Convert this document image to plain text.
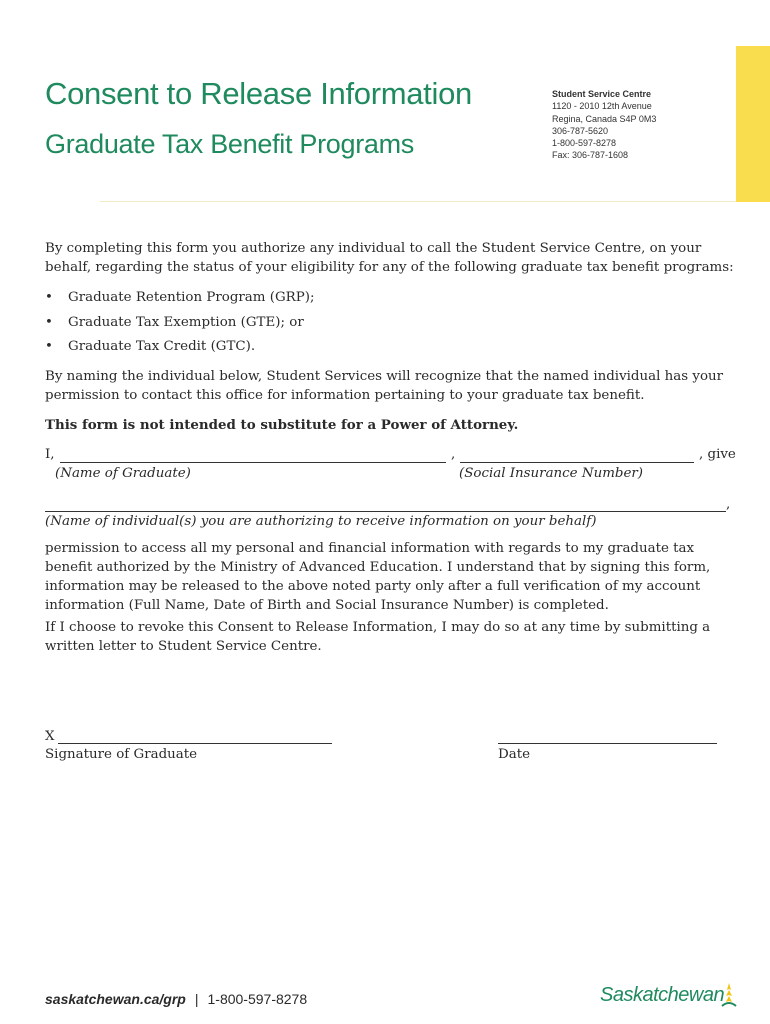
Consent to Release Information
Graduate Tax Benefit Programs
Student Service Centre
1120 - 2010 12th Avenue
Regina, Canada S4P 0M3
306-787-5620
1-800-597-8278
Fax: 306-787-1608
By completing this form you authorize any individual to call the Student Service Centre, on your behalf, regarding the status of your eligibility for any of the following graduate tax benefit programs:
• Graduate Retention Program (GRP);
• Graduate Tax Exemption (GTE); or
• Graduate Tax Credit (GTC).
By naming the individual below, Student Services will recognize that the named individual has your permission to contact this office for information pertaining to your graduate tax benefit.
This form is not intended to substitute for a Power of Attorney.
I,	,	, give
(Name of Graduate)	(Social Insurance Number)
,
(Name of individual(s) you are authorizing to receive information on your behalf)
permission to access all my personal and financial information with regards to my graduate tax benefit authorized by the Ministry of Advanced Education. I understand that by signing this form, information may be released to the above noted party only after a full verification of my account information (Full Name, Date of Birth and Social Insurance Number) is completed.
If I choose to revoke this Consent to Release Information, I may do so at any time by submitting a written letter to Student Service Centre.
X
Signature of Graduate	Date
saskatchewan.ca/grp | 1-800-597-8278	Saskatchewan
